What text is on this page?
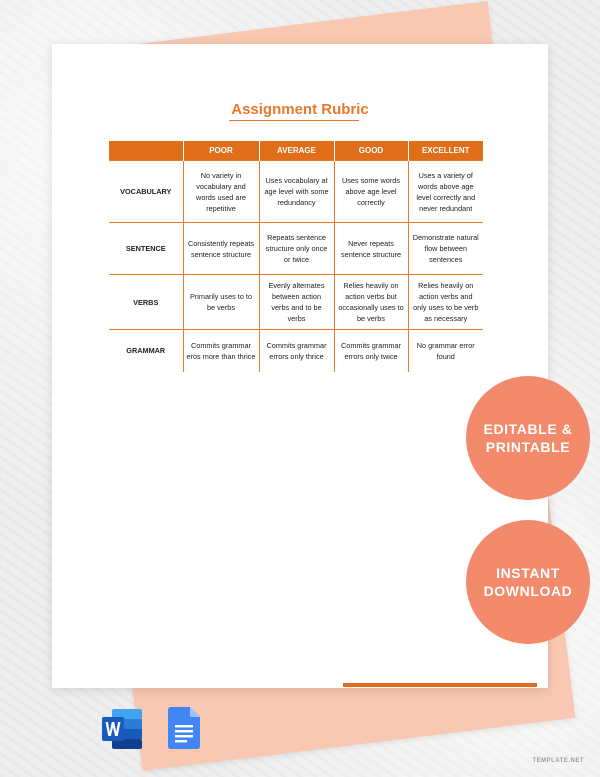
Assignment Rubric
	POOR	AVERAGE	GOOD	EXCELLENT
VOCABULARY	No variety in vocabulary and words used are repetitive	Uses vocabulary at age level with some redundancy	Uses some words above age level correctly	Uses a variety of words above age level correctly and never redundant
SENTENCE	Consistently repeats sentence structure	Repeats sentence structure only once or twice	Never repeats sentence structure	Demonstrate natural flow between sentences
VERBS	Primarily uses to to be verbs	Evenly alternates between action verbs and to be verbs	Relies heavily on action verbs but occasionally uses to be verbs	Relies heavily on action verbs and only uses to be verb as necessary
GRAMMAR	Commits grammar eros more than thrice	Commits grammar errors only thrice	Commits grammar errors only twice	No grammar error found
EDITABLE &
PRINTABLE
INSTANT
DOWNLOAD
TEMPLATE.NET
